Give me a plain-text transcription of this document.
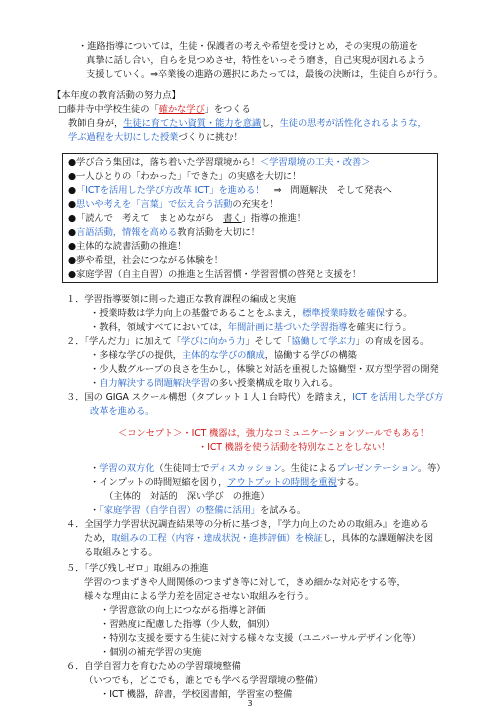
・進路指導については，生徒・保護者の考えや希望を受けとめ，その実現の筋道を
真摯に話し合い，自らを見つめさせ，特性をいっそう磨き，自己実現が図れるよう
支援していく。⇒卒業後の進路の選択にあたっては，最後の決断は，生徒自らが行う。
【本年度の教育活動の努力点】
□藤井寺中学校生徒の「確かな学び」をつくる
教師自身が，生徒に育てたい資質・能力を意識し，生徒の思考が活性化されるような，
学ぶ過程を大切にした授業づくりに挑む！
●学び合う集団は，落ち着いた学習環境から！＜学習環境の工夫・改善＞
●一人ひとりの「わかった」「できた」の実感を大切に！
●「ICTを活用した学び方改革 ICT」を進める！　⇒　問題解決　そして発表へ
●思いや考えを「言葉」で伝え合う活動の充実を！
●「読んで　考えて　まとめながら　書く」指導の推進！
●言語活動，情報を高める教育活動を大切に！
●主体的な読書活動の推進！
●夢や希望，社会につながる体験を！
●家庭学習（自主自習）の推進と生活習慣・学習習慣の啓発と支援を！
１．学習指導要領に則った適正な教育課程の編成と実施
・授業時数は学力向上の基盤であることをふまえ，標準授業時数を確保する。
・教科，領域すべてにおいては，年間計画に基づいた学習指導を確実に行う。
２．「学んだ力」に加えて「学びに向かう力」そして「協働して学ぶ力」の育成を図る。
・多様な学びの提供，主体的な学びの醸成，協働する学びの構築
・少人数グループの良さを生かし，体験と対話を重視した協働型・双方型学習の開発
・自力解決する問題解決学習の多い授業構成を取り入れる。
３．国の GIGA スクール構想（タブレット１人１台時代）を踏まえ，ICT を活用した学び方
改革を進める。
＜コンセプト＞・ICT 機器は，強力なコミュニケーションツールでもある！
・ICT 機器を使う活動を特別なことをしない！
・学習の双方化（生徒同士でディスカッション。生徒によるプレゼンテーション。等）
・インプットの時間短縮を図り，アウトプットの時間を重視する。
（主体的　対話的　深い学び　の推進）
・「家庭学習（自学自習）の整備に活用」を試みる。
４．全国学力学習状況調査結果等の分析に基づき，『学力向上のための取組み』を進める
ため，取組みの工程（内容・達成状況・進捗評価）を検証し，具体的な課題解決を図
る取組みとする。
５．「学び残しゼロ」取組みの推進
学習のつまずきや人間関係のつまずき等に対して，きめ細かな対応をする等，
様々な理由による学力差を固定させない取組みを行う。
・学習意欲の向上につながる指導と評価
・習熟度に配慮した指導（少人数，個別）
・特別な支援を要する生徒に対する様々な支援（ユニバーサルデザイン化等）
・個別の補充学習の実施
６．自学自習力を育むための学習環境整備
（いつでも，どこでも，誰とでも学べる学習環境の整備）
・ICT 機器，辞書，学校図書館，学習室の整備
3
